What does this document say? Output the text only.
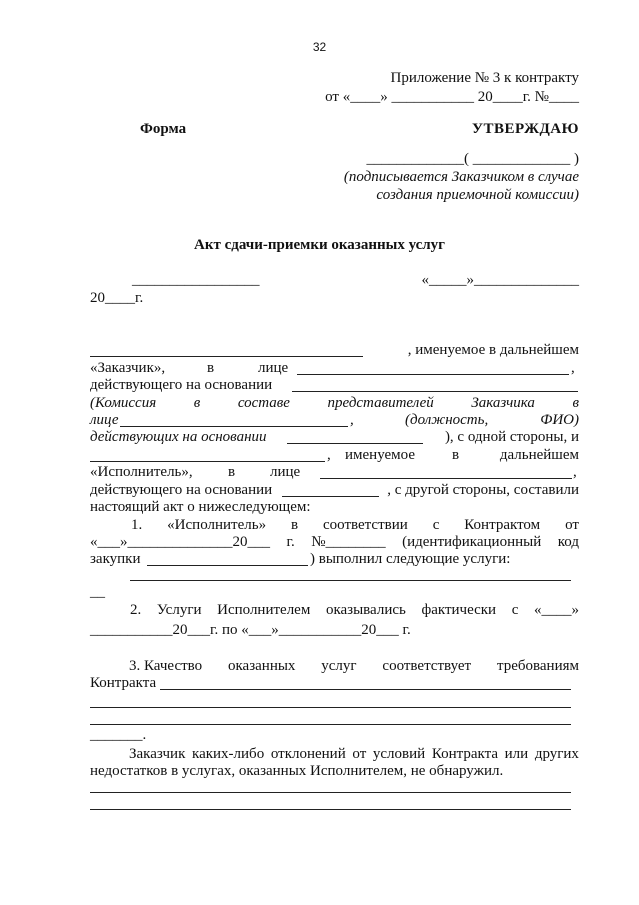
32
Приложение № 3 к контракту
от «____» ___________ 20____г. №____
Форма	УТВЕРЖДАЮ
_____________( _____________ )
(подписывается Заказчиком в случае
создания приемочной комиссии)
Акт сдачи-приемки оказанных услуг
_________________	«_____»______________
20____г.
, именуемое в дальнейшем
«Заказчик»,	в	лице	,
действующего на основании
(Комиссия	в	составе	представителей	Заказчика	в
лице	,	(должность,	ФИО)
действующих на основании	), с одной стороны, и
, именуемое в	дальнейшем
«Исполнитель», в лице	,
действующего на основании	, с другой стороны, составили
настоящий акт о нижеследующем:
1. «Исполнитель» в соответствии с Контрактом от
«___»______________20___ г. №________ (идентификационный код
закупки	) выполнил следующие услуги:
__
2. Услуги Исполнителем оказывались фактически с «____»
___________20___г. по «___»___________20___ г.
3. Качество оказанных услуг соответствует требованиям
Контракта
_______.
Заказчик каких-либо отклонений от условий Контракта или других
недостатков в услугах, оказанных Исполнителем, не обнаружил.
